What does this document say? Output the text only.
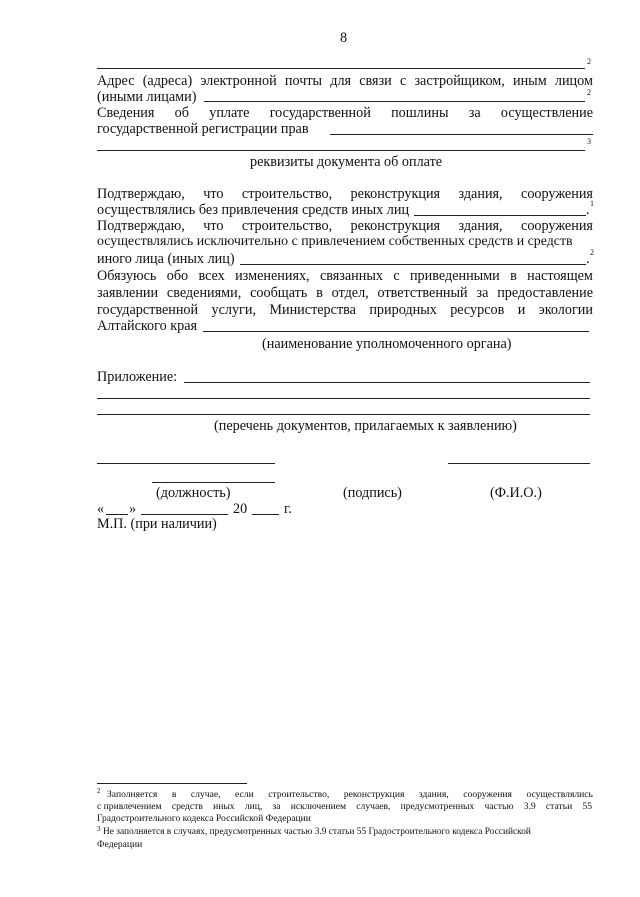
8
2
Адрес (адреса) электронной почты для связи с застройщиком, иным лицом
(иными лицами)	2
Сведения об уплате государственной пошлины за осуществление
государственной регистрации прав
3
реквизиты документа об оплате
Подтверждаю, что строительство, реконструкция здания, сооружения
осуществлялись без привлечения средств иных лиц	. 1
Подтверждаю, что строительство, реконструкция здания, сооружения
осуществлялись исключительно с привлечением собственных средств и средств
иного лица (иных лиц)	. 2
Обязуюсь обо всех изменениях, связанных с приведенными в настоящем
заявлении сведениями, сообщать в отдел, ответственный за предоставление
государственной услуги, Министерства природных ресурсов и экологии
Алтайского края
(наименование уполномоченного органа)
Приложение:
(перечень документов, прилагаемых к заявлению)
(должность)	(подпись)	(Ф.И.О.)
« »	20	г.
М.П. (при наличии)
2 Заполняется в случае, если строительство, реконструкция здания, сооружения осуществлялись
с привлечением средств иных лиц, за исключением случаев, предусмотренных частью 3.9 статьи 55
Градостроительного кодекса Российской Федерации
3 Не заполняется в случаях, предусмотренных частью 3.9 статьи 55 Градостроительного кодекса Российской
Федерации
